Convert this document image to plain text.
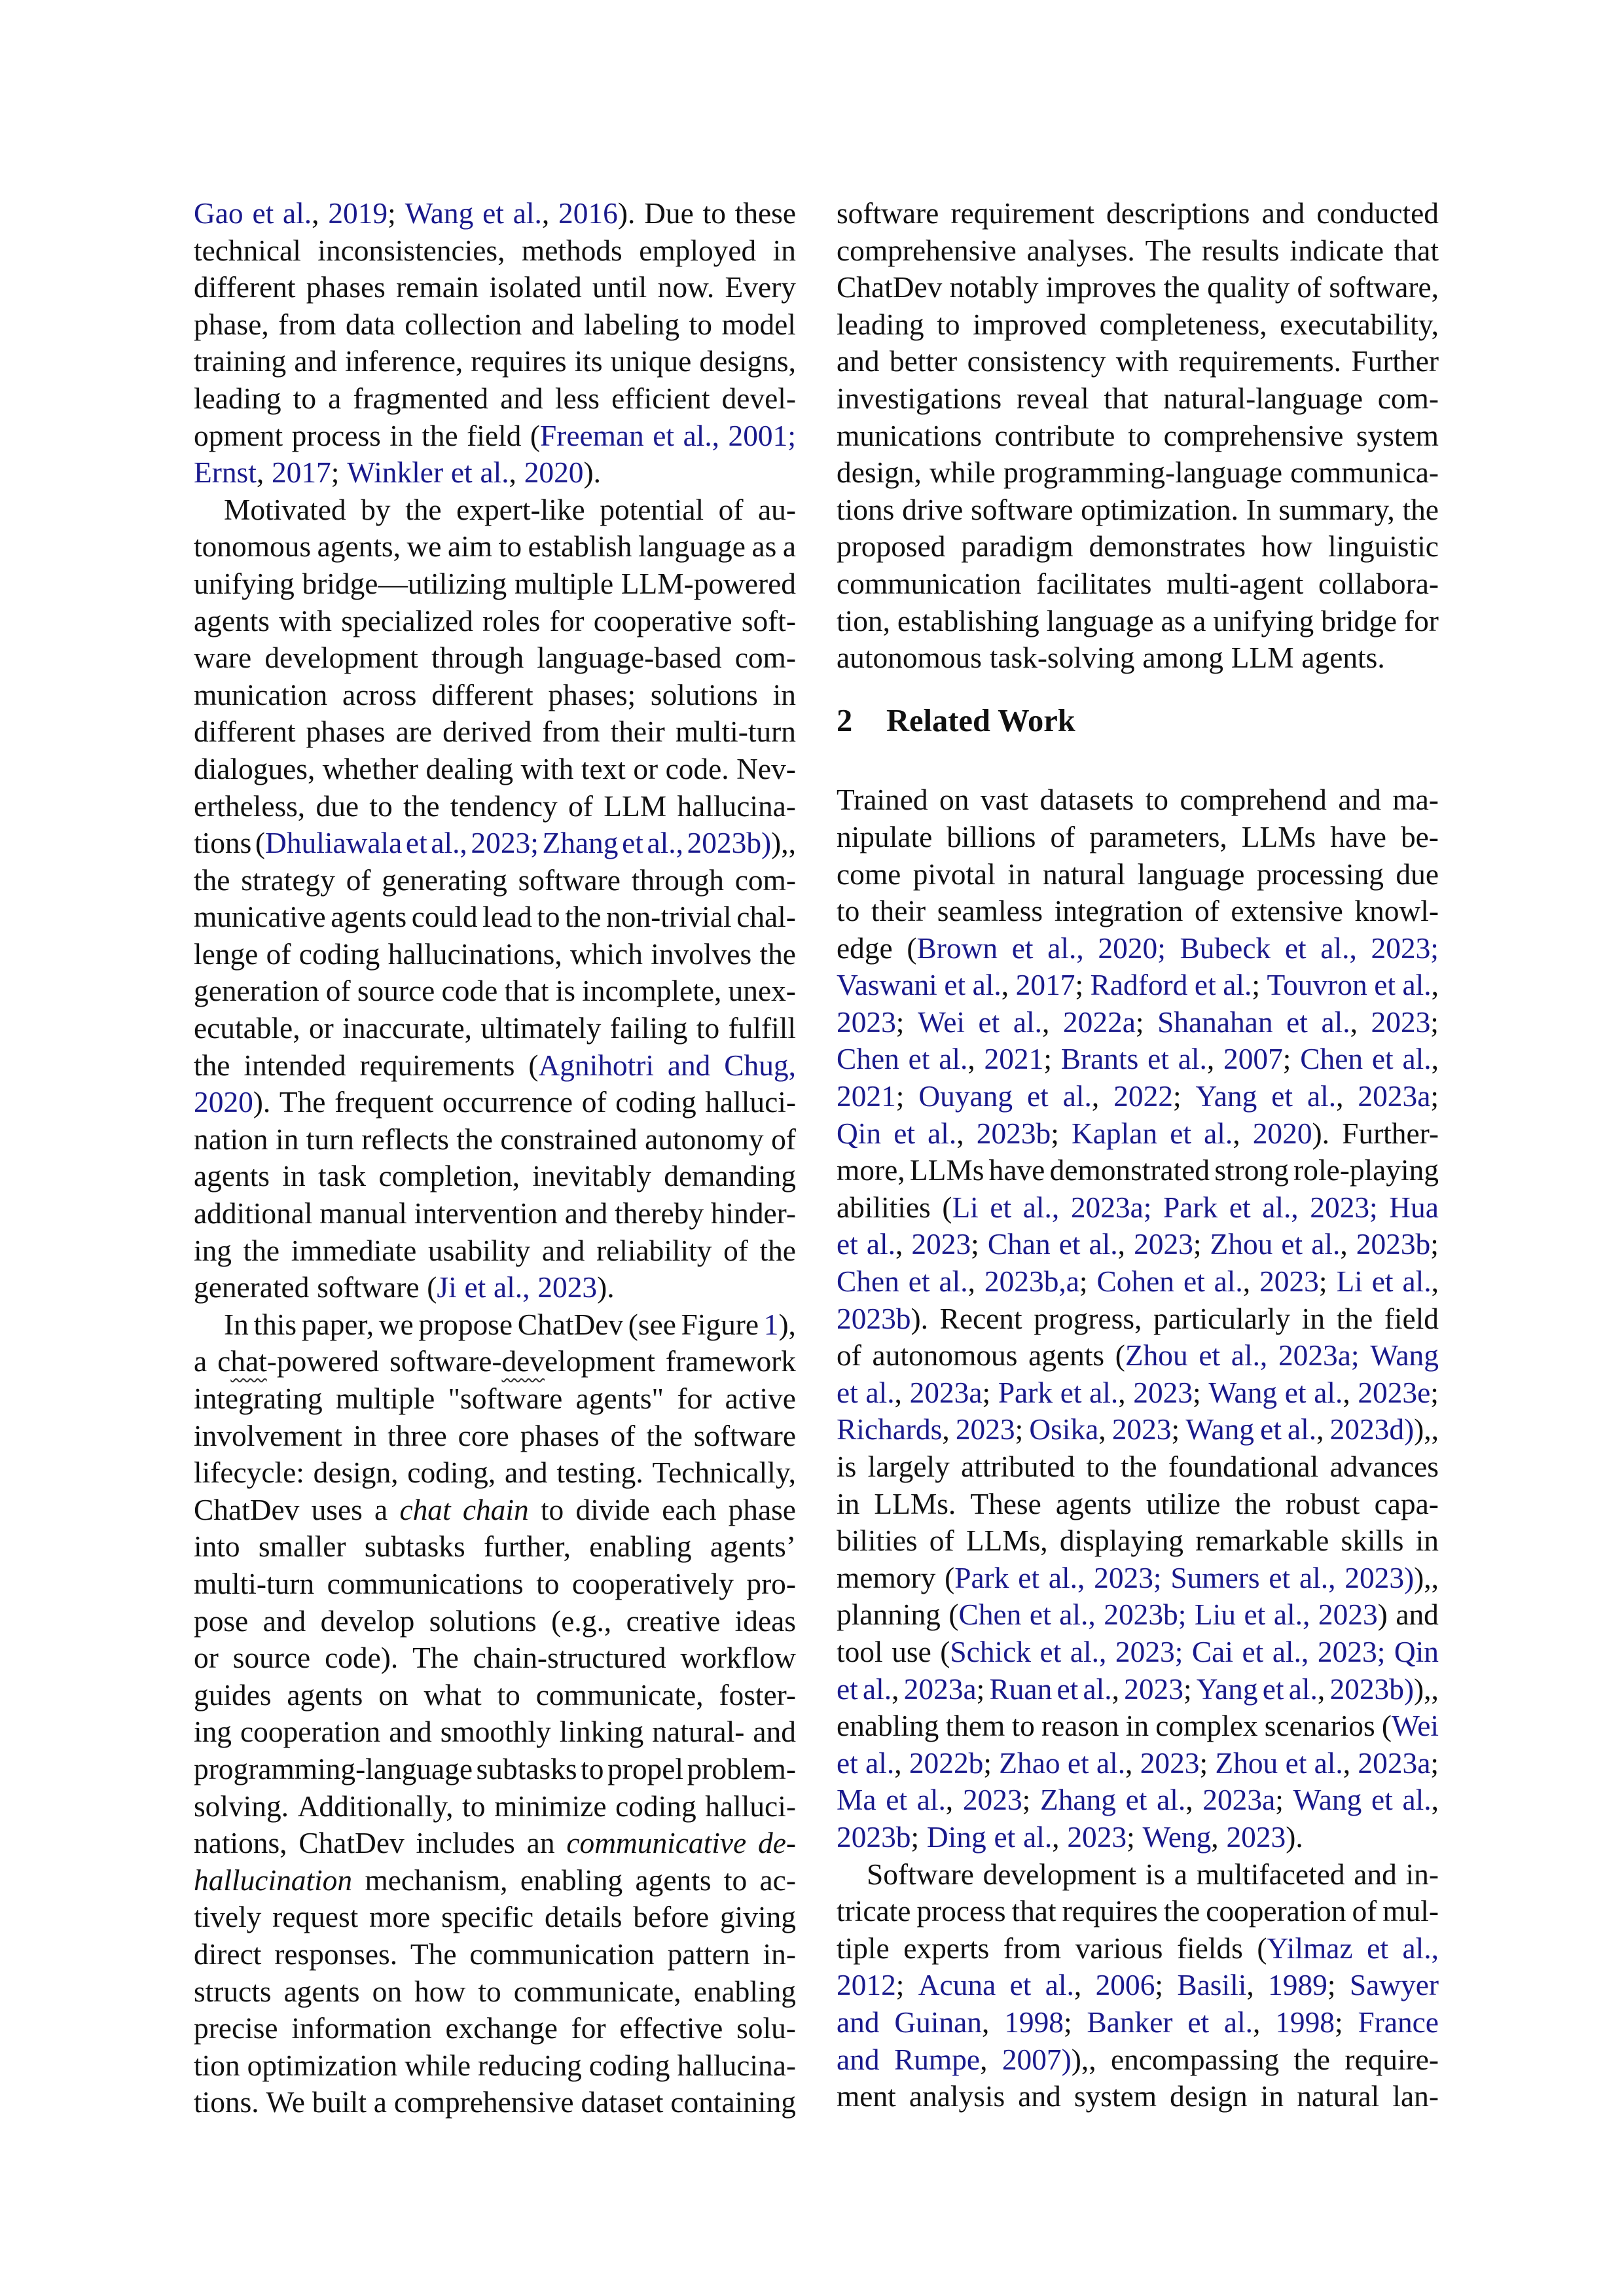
Gao et al., 2019; Wang et al., 2016). Due to these
technical inconsistencies, methods employed in
different phases remain isolated until now. Every
phase, from data collection and labeling to model
training and inference, requires its unique designs,
leading to a fragmented and less efficient devel-
opment process in the field (Freeman et al., 2001;
Ernst, 2017; Winkler et al., 2020).
Motivated by the expert-like potential of au-
tonomous agents, we aim to establish language as a
unifying bridge—utilizing multiple LLM-powered
agents with specialized roles for cooperative soft-
ware development through language-based com-
munication across different phases; solutions in
different phases are derived from their multi-turn
dialogues, whether dealing with text or code. Nev-
ertheless, due to the tendency of LLM hallucina-
tions (Dhuliawala et al., 2023; Zhang et al., 2023b)),,
the strategy of generating software through com-
municative agents could lead to the non-trivial chal-
lenge of coding hallucinations, which involves the
generation of source code that is incomplete, unex-
ecutable, or inaccurate, ultimately failing to fulfill
the intended requirements (Agnihotri and Chug,
2020). The frequent occurrence of coding halluci-
nation in turn reflects the constrained autonomy of
agents in task completion, inevitably demanding
additional manual intervention and thereby hinder-
ing the immediate usability and reliability of the
generated software (Ji et al., 2023).
In this paper, we propose ChatDev (see Figure 1),
a chat-powered software-development framework
integrating multiple "software agents" for active
involvement in three core phases of the software
lifecycle: design, coding, and testing. Technically,
ChatDev uses a chat chain to divide each phase
into smaller subtasks further, enabling agents’
multi-turn communications to cooperatively pro-
pose and develop solutions (e.g., creative ideas
or source code). The chain-structured workflow
guides agents on what to communicate, foster-
ing cooperation and smoothly linking natural- and
programming-language subtasks to propel problem-
solving. Additionally, to minimize coding halluci-
nations, ChatDev includes an communicative de-
hallucination mechanism, enabling agents to ac-
tively request more specific details before giving
direct responses. The communication pattern in-
structs agents on how to communicate, enabling
precise information exchange for effective solu-
tion optimization while reducing coding hallucina-
tions. We built a comprehensive dataset containing
software requirement descriptions and conducted
comprehensive analyses. The results indicate that
ChatDev notably improves the quality of software,
leading to improved completeness, executability,
and better consistency with requirements. Further
investigations reveal that natural-language com-
munications contribute to comprehensive system
design, while programming-language communica-
tions drive software optimization. In summary, the
proposed paradigm demonstrates how linguistic
communication facilitates multi-agent collabora-
tion, establishing language as a unifying bridge for
autonomous task-solving among LLM agents.
2 Related Work
Trained on vast datasets to comprehend and ma-
nipulate billions of parameters, LLMs have be-
come pivotal in natural language processing due
to their seamless integration of extensive knowl-
edge (Brown et al., 2020; Bubeck et al., 2023;
Vaswani et al., 2017; Radford et al.; Touvron et al.,
2023; Wei et al., 2022a; Shanahan et al., 2023;
Chen et al., 2021; Brants et al., 2007; Chen et al.,
2021; Ouyang et al., 2022; Yang et al., 2023a;
Qin et al., 2023b; Kaplan et al., 2020). Further-
more, LLMs have demonstrated strong role-playing
abilities (Li et al., 2023a; Park et al., 2023; Hua
et al., 2023; Chan et al., 2023; Zhou et al., 2023b;
Chen et al., 2023b,a; Cohen et al., 2023; Li et al.,
2023b). Recent progress, particularly in the field
of autonomous agents (Zhou et al., 2023a; Wang
et al., 2023a; Park et al., 2023; Wang et al., 2023e;
Richards, 2023; Osika, 2023; Wang et al., 2023d)),,
is largely attributed to the foundational advances
in LLMs. These agents utilize the robust capa-
bilities of LLMs, displaying remarkable skills in
memory (Park et al., 2023; Sumers et al., 2023)),,
planning (Chen et al., 2023b; Liu et al., 2023) and
tool use (Schick et al., 2023; Cai et al., 2023; Qin
et al., 2023a; Ruan et al., 2023; Yang et al., 2023b)),,
enabling them to reason in complex scenarios (Wei
et al., 2022b; Zhao et al., 2023; Zhou et al., 2023a;
Ma et al., 2023; Zhang et al., 2023a; Wang et al.,
2023b; Ding et al., 2023; Weng, 2023).
Software development is a multifaceted and in-
tricate process that requires the cooperation of mul-
tiple experts from various fields (Yilmaz et al.,
2012; Acuna et al., 2006; Basili, 1989; Sawyer
and Guinan, 1998; Banker et al., 1998; France
and Rumpe, 2007)),, encompassing the require-
ment analysis and system design in natural lan-
